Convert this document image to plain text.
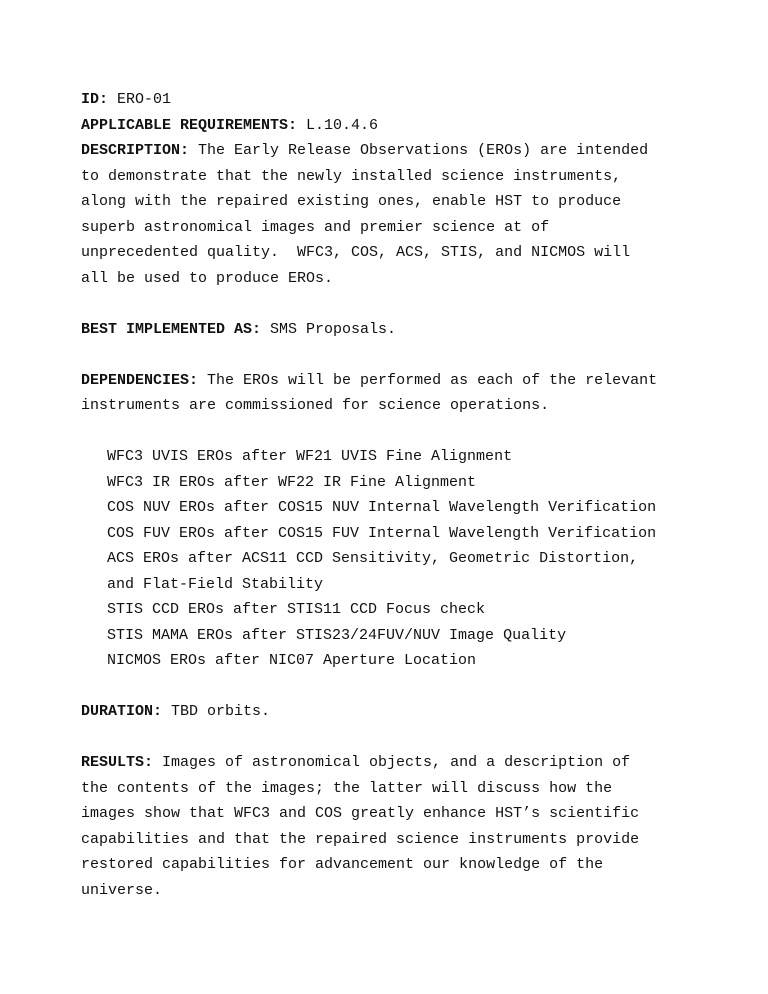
ID: ERO-01
APPLICABLE REQUIREMENTS: L.10.4.6
DESCRIPTION: The Early Release Observations (EROs) are intended
to demonstrate that the newly installed science instruments,
along with the repaired existing ones, enable HST to produce
superb astronomical images and premier science at of
unprecedented quality.  WFC3, COS, ACS, STIS, and NICMOS will
all be used to produce EROs.
BEST IMPLEMENTED AS: SMS Proposals.
DEPENDENCIES: The EROs will be performed as each of the relevant
instruments are commissioned for science operations.
WFC3 UVIS EROs after WF21 UVIS Fine Alignment
WFC3 IR EROs after WF22 IR Fine Alignment
COS NUV EROs after COS15 NUV Internal Wavelength Verification
COS FUV EROs after COS15 FUV Internal Wavelength Verification
ACS EROs after ACS11 CCD Sensitivity, Geometric Distortion,
and Flat-Field Stability
STIS CCD EROs after STIS11 CCD Focus check
STIS MAMA EROs after STIS23/24FUV/NUV Image Quality
NICMOS EROs after NIC07 Aperture Location
DURATION: TBD orbits.
RESULTS: Images of astronomical objects, and a description of
the contents of the images; the latter will discuss how the
images show that WFC3 and COS greatly enhance HST’s scientific
capabilities and that the repaired science instruments provide
restored capabilities for advancement our knowledge of the
universe.
